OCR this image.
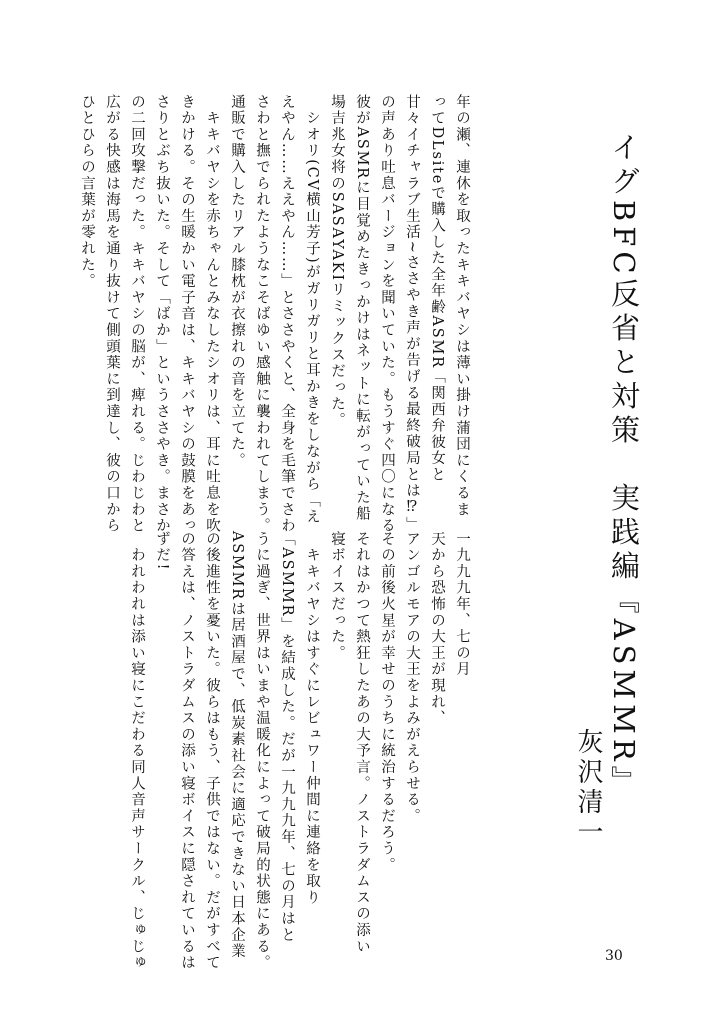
イグBFC反省と対策　実践編『ASMMR』
灰沢清一

年の瀬、連休を取ったキキバヤシは薄い掛け蒲団にくるま

ってDLsiteで購入した全年齢ASMR「関西弁彼女と

甘々イチャラブ生活~ささやき声が告げる最終破局とは⁉」

の声あり吐息バージョンを聞いていた。もうすぐ四〇になる

彼がASMRに目覚めたきっかけはネットに転がっていた船

場吉兆女将のSASAYAKIリミックスだった。

　シオリ(CV横山芳子)がガリガリと耳かきをしながら「え

えやん……ええやん……」とささやくと、全身を毛筆でさわ

さわと撫でられたようなこそばゆい感触に襲われてしまう。

通販で購入したリアル膝枕が衣擦れの音を立てた。

　キキバヤシを赤ちゃんとみなしたシオリは、耳に吐息を吹

きかける。その生暖かい電子音は、キキバヤシの鼓膜をあっ

さりとぶち抜いた。そして「ばか」というささやき。まさか

の二回攻撃だった。キキバヤシの脳が、痺れる。じわじわと

広がる快感は海馬を通り抜けて側頭葉に到達し、彼の口から

ひとひらの言葉が零れた。

一九九九年、七の月

天から恐怖の大王が現れ、

アンゴルモアの大王をよみがえらせる。

その前後火星が幸せのうちに統治するだろう。

それはかつて熱狂したあの大予言。ノストラダムスの添い

寝ボイスだった。

　キキバヤシはすぐにレビュワー仲間に連絡を取り

「ASMMR」を結成した。だが一九九九年、七の月はと

うに過ぎ、世界はいまや温暖化によって破局的状態にある。

ASMMRは居酒屋で、低炭素社会に適応できない日本企業

の後進性を憂いた。彼らはもう、子供ではない。だがすべて

の答えは、ノストラダムスの添い寝ボイスに隠されているは

ずだ!

　われわれは添い寝にこだわる同人音声サークル、じゅじゅ	30
